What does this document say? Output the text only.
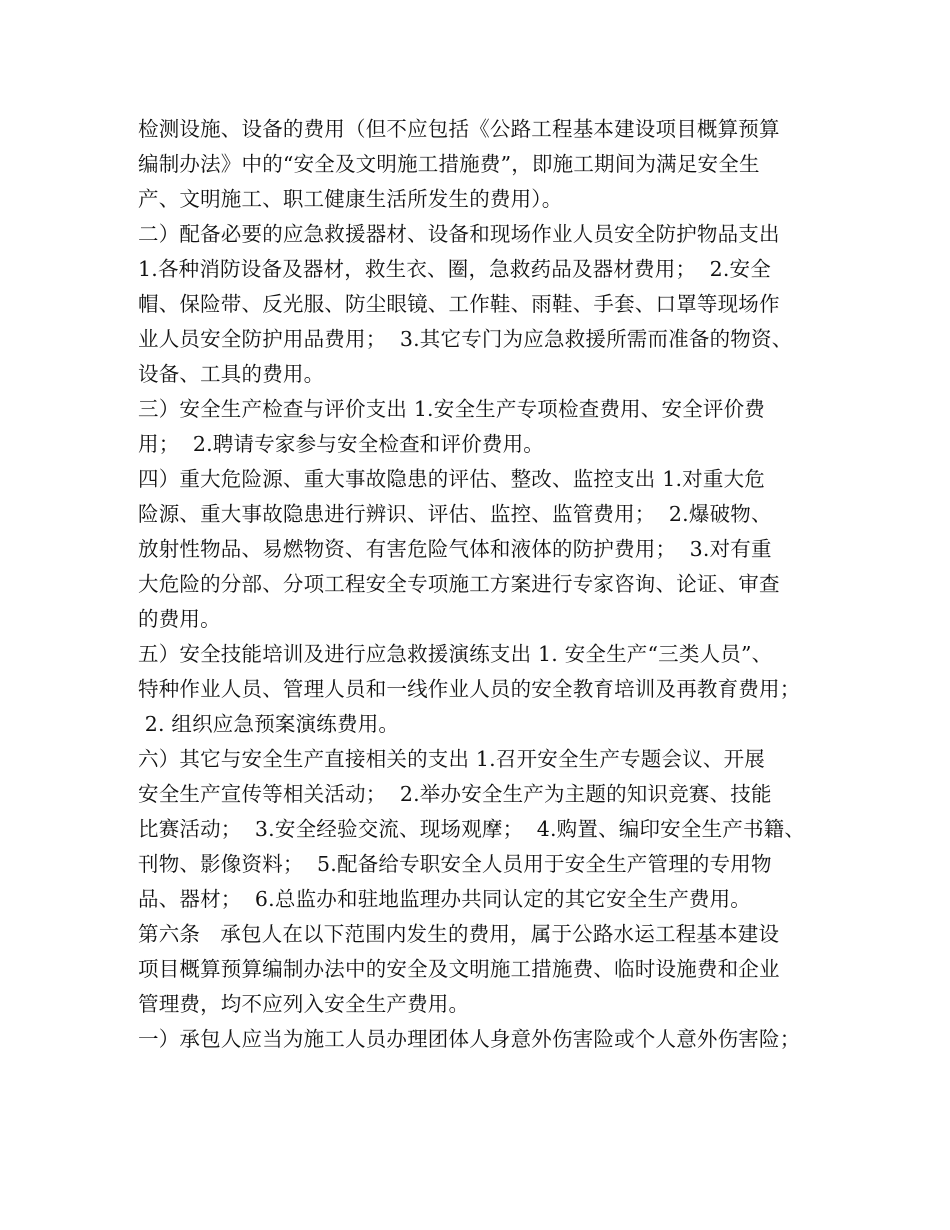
检测设施、设备的费用（但不应包括《公路工程基本建设项目概算预算
编制办法》中的“安全及文明施工措施费”，即施工期间为满足安全生
产、文明施工、职工健康生活所发生的费用）。
二）配备必要的应急救援器材、设备和现场作业人员安全防护物品支出
1.各种消防设备及器材，救生衣、圈，急救药品及器材费用；  2.安全
帽、保险带、反光服、防尘眼镜、工作鞋、雨鞋、手套、口罩等现场作
业人员安全防护用品费用；  3.其它专门为应急救援所需而准备的物资、
设备、工具的费用。
三）安全生产检查与评价支出 1.安全生产专项检查费用、安全评价费
用；  2.聘请专家参与安全检查和评价费用。
四）重大危险源、重大事故隐患的评估、整改、监控支出 1.对重大危
险源、重大事故隐患进行辨识、评估、监控、监管费用；  2.爆破物、
放射性物品、易燃物资、有害危险气体和液体的防护费用；  3.对有重
大危险的分部、分项工程安全专项施工方案进行专家咨询、论证、审查
的费用。
五）安全技能培训及进行应急救援演练支出 1. 安全生产“三类人员”、
特种作业人员、管理人员和一线作业人员的安全教育培训及再教育费用；
2. 组织应急预案演练费用。
六）其它与安全生产直接相关的支出 1.召开安全生产专题会议、开展
安全生产宣传等相关活动；  2.举办安全生产为主题的知识竞赛、技能
比赛活动；  3.安全经验交流、现场观摩；  4.购置、编印安全生产书籍、
刊物、影像资料；  5.配备给专职安全人员用于安全生产管理的专用物
品、器材；  6.总监办和驻地监理办共同认定的其它安全生产费用。
第六条   承包人在以下范围内发生的费用，属于公路水运工程基本建设
项目概算预算编制办法中的安全及文明施工措施费、临时设施费和企业
管理费，均不应列入安全生产费用。
一）承包人应当为施工人员办理团体人身意外伤害险或个人意外伤害险；
